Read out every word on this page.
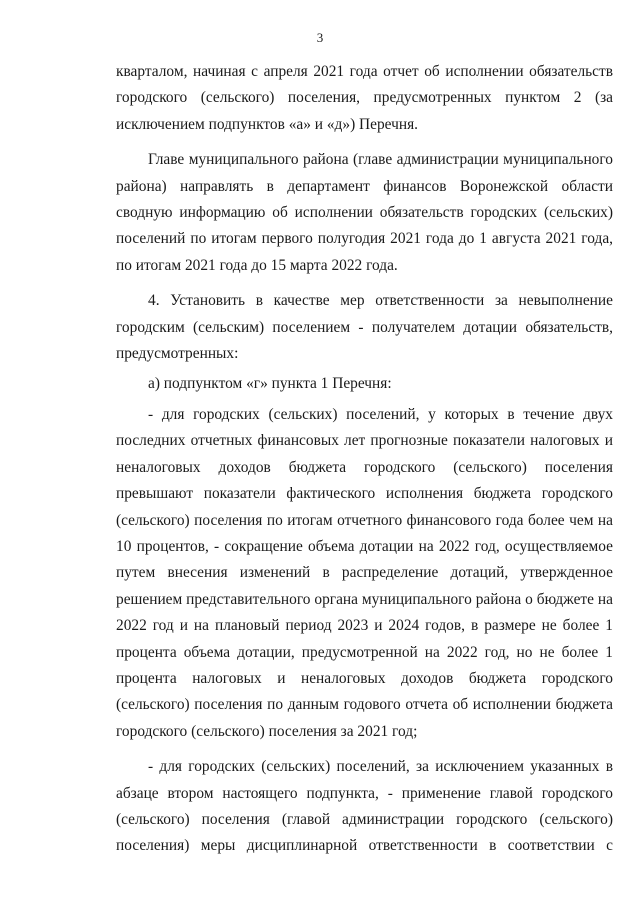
3

кварталом, начиная с апреля 2021 года отчет об исполнении обязательств городского (сельского) поселения, предусмотренных пунктом 2 (за исключением подпунктов «а» и «д») Перечня.

Главе муниципального района (главе администрации муниципального района) направлять в департамент финансов Воронежской области сводную информацию об исполнении обязательств городских (сельских) поселений по итогам первого полугодия 2021 года до 1 августа 2021 года, по итогам 2021 года до 15 марта 2022 года.

4. Установить в качестве мер ответственности за невыполнение городским (сельским) поселением - получателем дотации обязательств, предусмотренных:

а) подпунктом «г» пункта 1 Перечня:

- для городских (сельских) поселений, у которых в течение двух последних отчетных финансовых лет прогнозные показатели налоговых и неналоговых доходов бюджета городского (сельского) поселения превышают показатели фактического исполнения бюджета городского (сельского) поселения по итогам отчетного финансового года более чем на 10 процентов, - сокращение объема дотации на 2022 год, осуществляемое путем внесения изменений в распределение дотаций, утвержденное решением представительного органа муниципального района о бюджете на 2022 год и на плановый период 2023 и 2024 годов, в размере не более 1 процента объема дотации, предусмотренной на 2022 год, но не более 1 процента налоговых и неналоговых доходов бюджета городского (сельского) поселения по данным годового отчета об исполнении бюджета городского (сельского) поселения за 2021 год;

- для городских (сельских) поселений, за исключением указанных в абзаце втором настоящего подпункта, - применение главой городского (сельского) поселения (главой администрации городского (сельского) поселения) меры дисциплинарной ответственности в соответствии с
